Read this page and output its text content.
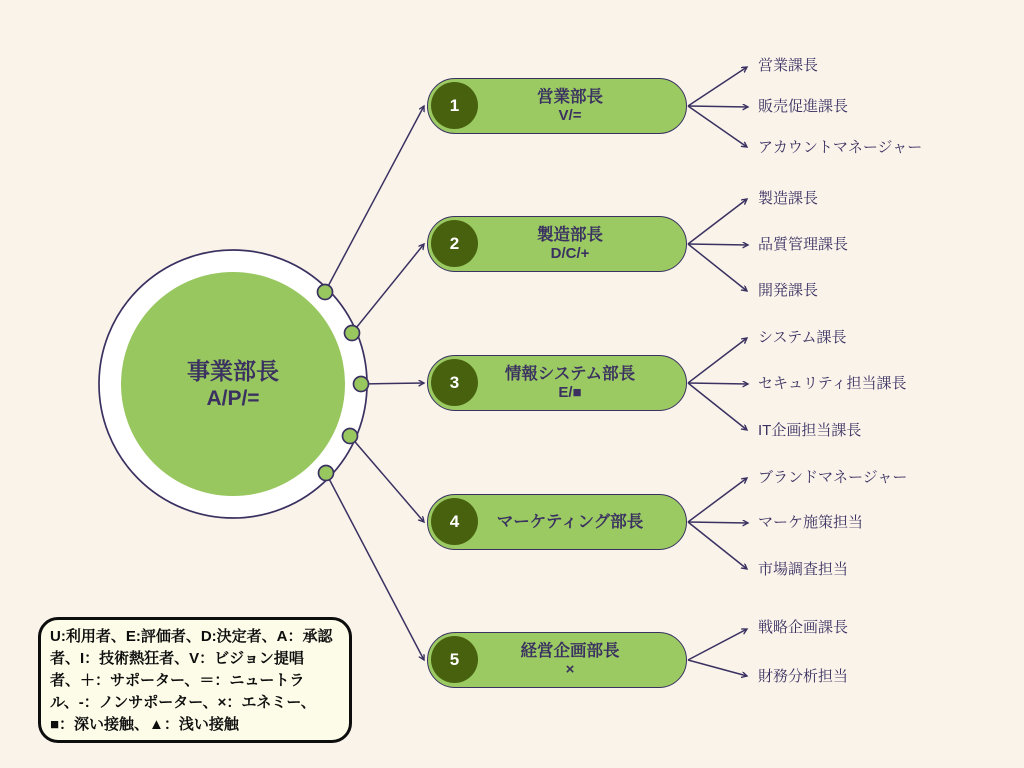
事業部長
A/P/=
1	営業部長
V/=
2	製造部長
D/C/+
3	情報システム部長
E/■
4	マーケティング部長
5	経営企画部長
×
営業課長
販売促進課長
アカウントマネージャー
製造課長
品質管理課長
開発課長
システム課長
セキュリティ担当課長
IT企画担当課長
ブランドマネージャー
マーケ施策担当
市場調査担当
戦略企画課長
財務分析担当
U:利用者、E:評価者、D:決定者、A：承認
者、I：技術熱狂者、V：ビジョン提唱
者、＋：サポーター、＝：ニュートラ
ル、-：ノンサポーター、×：エネミー、
■：深い接触、▲：浅い接触
